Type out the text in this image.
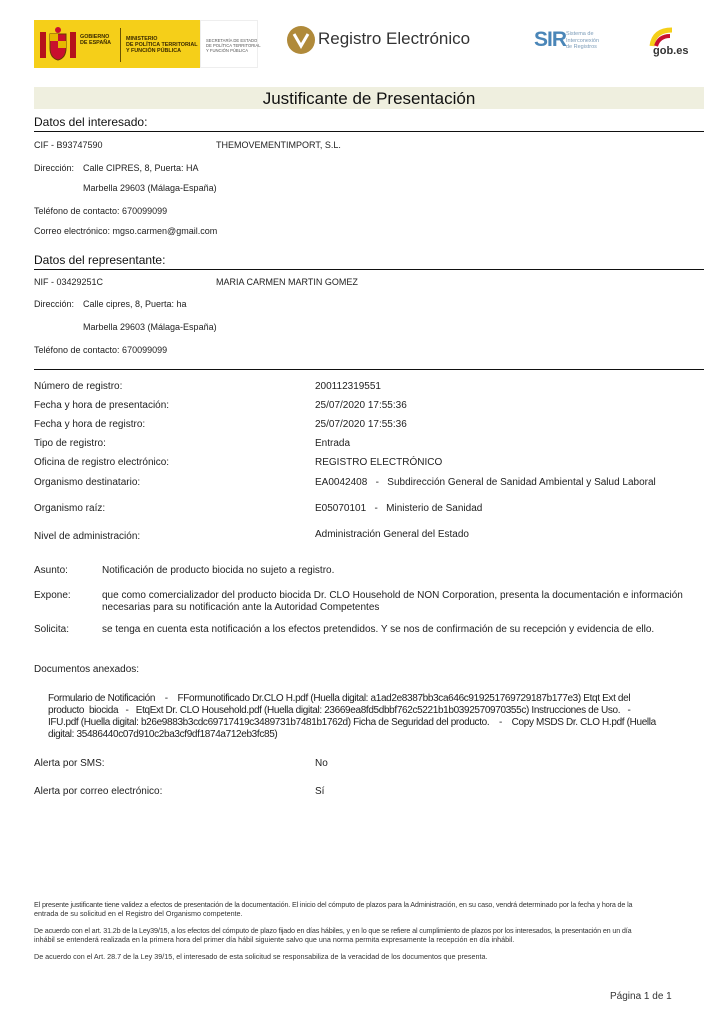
GOBIERNO
DE ESPAÑA
MINISTERIO
DE POLÍTICA TERRITORIAL
Y FUNCIÓN PÚBLICA
SECRETARÍA DE ESTADO
DE POLÍTICA TERRITORIAL
Y FUNCIÓN PÚBLICA
Registro Electrónico	SIR Sistema de
Interconexión
de Registros	gob.es
Justificante de Presentación
Datos del interesado:
CIF - B93747590	THEMOVEMENTIMPORT, S.L.
Dirección: Calle CIPRES, 8, Puerta: HA
Marbella 29603 (Málaga-España)
Teléfono de contacto: 670099099
Correo electrónico: mgso.carmen@gmail.com
Datos del representante:
NIF - 03429251C	MARIA CARMEN MARTIN GOMEZ
Dirección: Calle cipres, 8, Puerta: ha
Marbella 29603 (Málaga-España)
Teléfono de contacto: 670099099
Número de registro:	200112319551
Fecha y hora de presentación:	25/07/2020 17:55:36
Fecha y hora de registro:	25/07/2020 17:55:36
Tipo de registro:	Entrada
Oficina de registro electrónico:	REGISTRO ELECTRÓNICO
Organismo destinatario:	EA0042408   -   Subdirección General de Sanidad Ambiental y Salud Laboral
Organismo raíz:	E05070101   -   Ministerio de Sanidad
Nivel de administración:	Administración General del Estado
Asunto:	Notificación de producto biocida no sujeto a registro.
Expone:	que como comercializador del producto biocida Dr. CLO Household de NON Corporation, presenta la documentación e información
necesarias para su notificación ante la Autoridad Competentes
Solicita:	se tenga en cuenta esta notificación a los efectos pretendidos. Y se nos de confirmación de su recepción y evidencia de ello.
Documentos anexados:
Formulario de Notificación    -    FFormunotificado Dr.CLO H.pdf (Huella digital: a1ad2e8387bb3ca646c919251769729187b177e3) Etqt Ext del
producto  biocida   -   EtqExt Dr. CLO Household.pdf (Huella digital: 23669ea8fd5dbbf762c5221b1b0392570970355c) Instrucciones de Uso.   -
IFU.pdf (Huella digital: b26e9883b3cdc69717419c3489731b7481b1762d) Ficha de Seguridad del producto.    -    Copy MSDS Dr. CLO H.pdf (Huella
digital: 35486440c07d910c2ba3cf9df1874a712eb3fc85)
Alerta por SMS:	No
Alerta por correo electrónico:	Sí
El presente justificante tiene validez a efectos de presentación de la documentación. El inicio del cómputo de plazos para la Administración, en su caso, vendrá determinado por la fecha y hora de la
entrada de su solicitud en el Registro del Organismo competente.
De acuerdo con el art. 31.2b de la Ley39/15, a los efectos del cómputo de plazo fijado en días hábiles, y en lo que se refiere al cumplimiento de plazos por los interesados, la presentación en un día
inhábil se entenderá realizada en la primera hora del primer día hábil siguiente salvo que una norma permita expresamente la recepción en día inhábil.
De acuerdo con el Art. 28.7 de la Ley 39/15, el interesado de esta solicitud se responsabiliza de la veracidad de los documentos que presenta.
Página 1 de 1
